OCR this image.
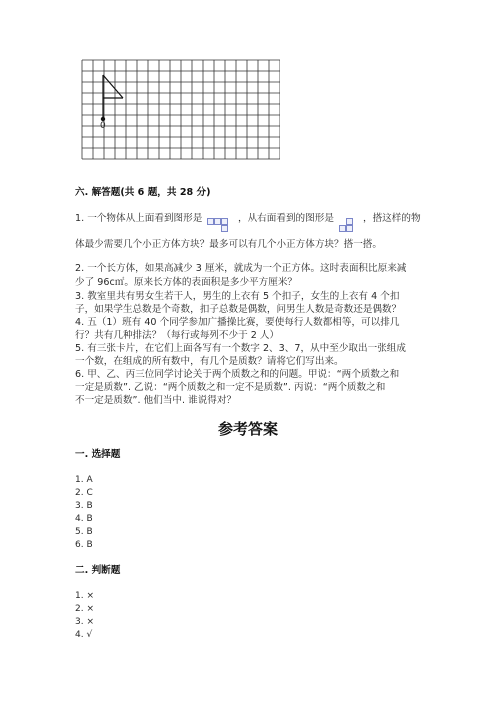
0
六. 解答题(共 6 题，共 28 分)
1. 一个物体从上面看到图形是	，从右面看到的图形是	，搭这样的物
体最少需要几个小正方体方块？最多可以有几个小正方体方块？搭一搭。
2. 一个长方体，如果高减少 3 厘米，就成为一个正方体。这时表面积比原来减
少了 96c㎡。原来长方体的表面积是多少平方厘米？
3. 教室里共有男女生若干人，男生的上衣有 5 个扣子，女生的上衣有 4 个扣
子，如果学生总数是个奇数，扣子总数是偶数，问男生人数是奇数还是偶数？
4. 五（1）班有 40 个同学参加广播操比赛，要使每行人数都相等，可以排几
行？共有几种排法？（每行或每列不少于 2 人）
5. 有三张卡片，在它们上面各写有一个数字 2、3、7，从中至少取出一张组成
一个数，在组成的所有数中，有几个是质数？请将它们写出来。
6. 甲、乙、丙三位同学讨论关于两个质数之和的问题。甲说：“两个质数之和
一定是质数”. 乙说：“两个质数之和一定不是质数”. 丙说：“两个质数之和
不一定是质数”. 他们当中. 谁说得对？
参考答案
一. 选择题
1. A
2. C
3. B
4. B
5. B
6. B
二. 判断题
1. ×
2. ×
3. ×
4. √
